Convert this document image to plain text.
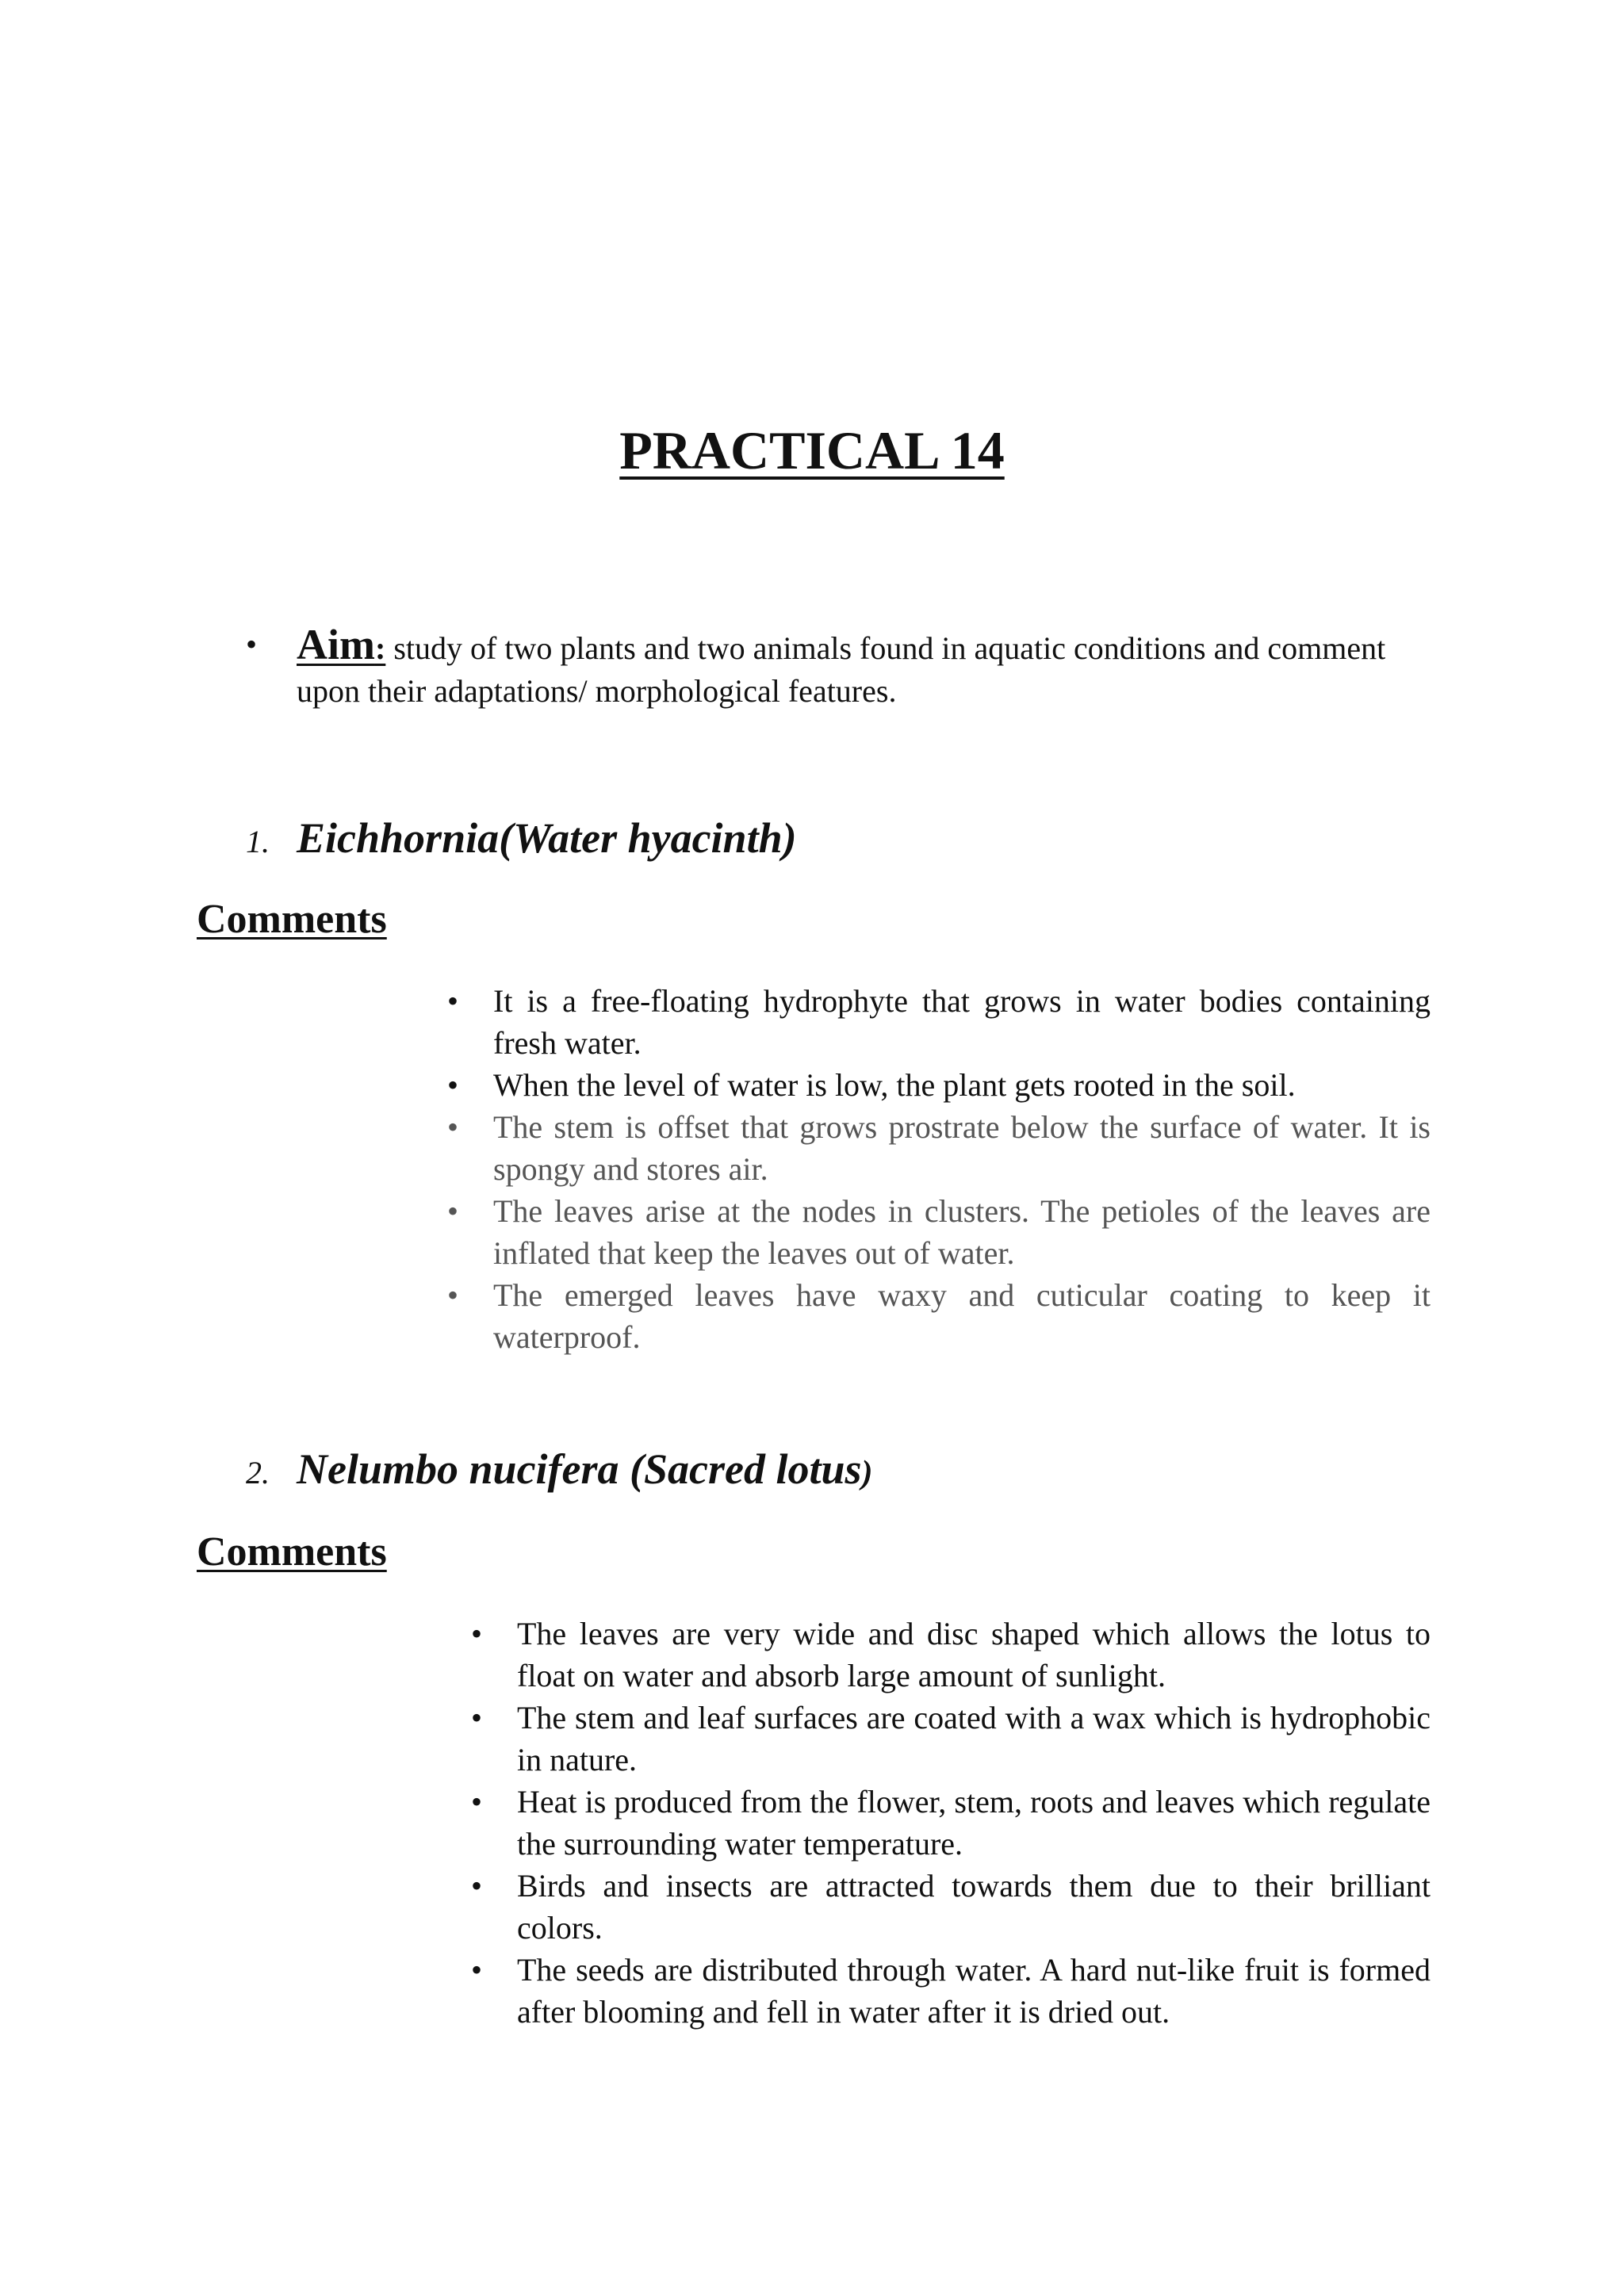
PRACTICAL 14
• Aim: study of two plants and two animals found in aquatic conditions and comment upon their adaptations/ morphological features.
1. Eichhornia(Water hyacinth)
Comments
• It is a free-floating hydrophyte that grows in water bodies containing fresh water.
• When the level of water is low, the plant gets rooted in the soil.
• The stem is offset that grows prostrate below the surface of water. It is spongy and stores air.
• The leaves arise at the nodes in clusters. The petioles of the leaves are inflated that keep the leaves out of water.
• The emerged leaves have waxy and cuticular coating to keep it waterproof.
2. Nelumbo nucifera (Sacred lotus)
Comments
• The leaves are very wide and disc shaped which allows the lotus to float on water and absorb large amount of sunlight.
• The stem and leaf surfaces are coated with a wax which is hydrophobic in nature.
• Heat is produced from the flower, stem, roots and leaves which regulate the surrounding water temperature.
• Birds and insects are attracted towards them due to their brilliant colors.
• The seeds are distributed through water. A hard nut-like fruit is formed after blooming and fell in water after it is dried out.
